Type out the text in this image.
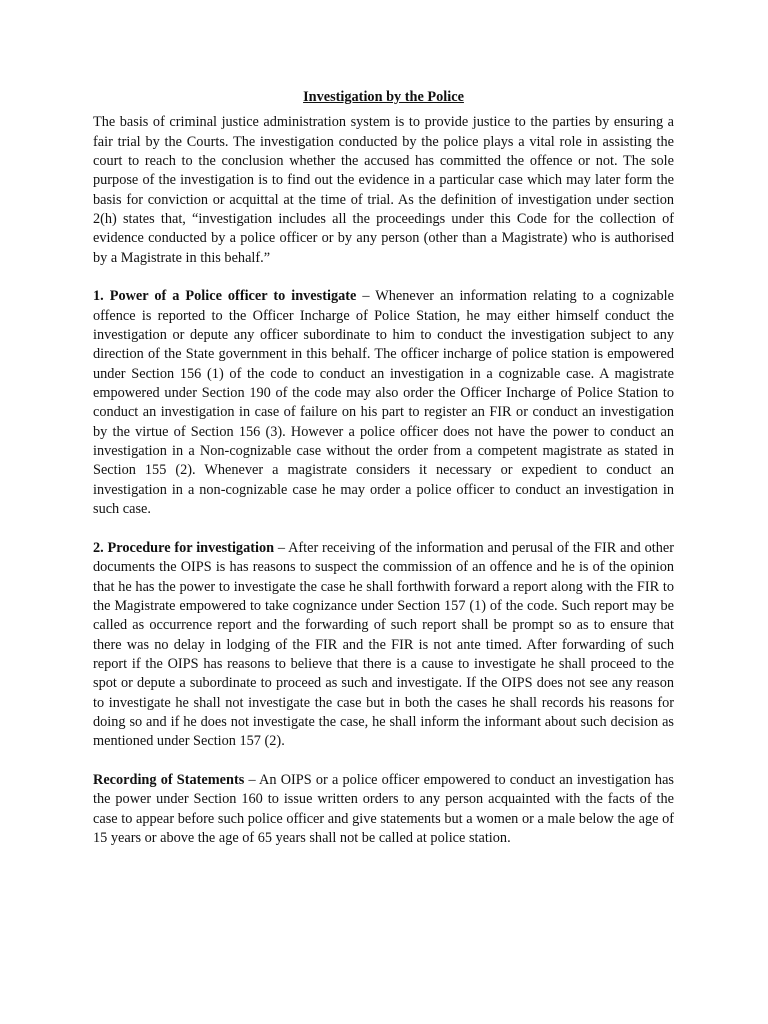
Investigation by the Police

The basis of criminal justice administration system is to provide justice to the parties by ensuring a fair trial by the Courts. The investigation conducted by the police plays a vital role in assisting the court to reach to the conclusion whether the accused has committed the offence or not. The sole purpose of the investigation is to find out the evidence in a particular case which may later form the basis for conviction or acquittal at the time of trial. As the definition of investigation under section 2(h) states that, “investigation includes all the proceedings under this Code for the collection of evidence conducted by a police officer or by any person (other than a Magistrate) who is authorised by a Magistrate in this behalf.”

1. Power of a Police officer to investigate – Whenever an information relating to a cognizable offence is reported to the Officer Incharge of Police Station, he may either himself conduct the investigation or depute any officer subordinate to him to conduct the investigation subject to any direction of the State government in this behalf. The officer incharge of police station is empowered under Section 156 (1) of the code to conduct an investigation in a cognizable case. A magistrate empowered under Section 190 of the code may also order the Officer Incharge of Police Station to conduct an investigation in case of failure on his part to register an FIR or conduct an investigation by the virtue of Section 156 (3). However a police officer does not have the power to conduct an investigation in a Non-cognizable case without the order from a competent magistrate as stated in Section 155 (2). Whenever a magistrate considers it necessary or expedient to conduct an investigation in a non-cognizable case he may order a police officer to conduct an investigation in such case.

2. Procedure for investigation – After receiving of the information and perusal of the FIR and other documents the OIPS is has reasons to suspect the commission of an offence and he is of the opinion that he has the power to investigate the case he shall forthwith forward a report along with the FIR to the Magistrate empowered to take cognizance under Section 157 (1) of the code. Such report may be called as occurrence report and the forwarding of such report shall be prompt so as to ensure that there was no delay in lodging of the FIR and the FIR is not ante timed. After forwarding of such report if the OIPS has reasons to believe that there is a cause to investigate he shall proceed to the spot or depute a subordinate to proceed as such and investigate. If the OIPS does not see any reason to investigate he shall not investigate the case but in both the cases he shall records his reasons for doing so and if he does not investigate the case, he shall inform the informant about such decision as mentioned under Section 157 (2).

Recording of Statements – An OIPS or a police officer empowered to conduct an investigation has the power under Section 160 to issue written orders to any person acquainted with the facts of the case to appear before such police officer and give statements but a women or a male below the age of 15 years or above the age of 65 years shall not be called at police station.
